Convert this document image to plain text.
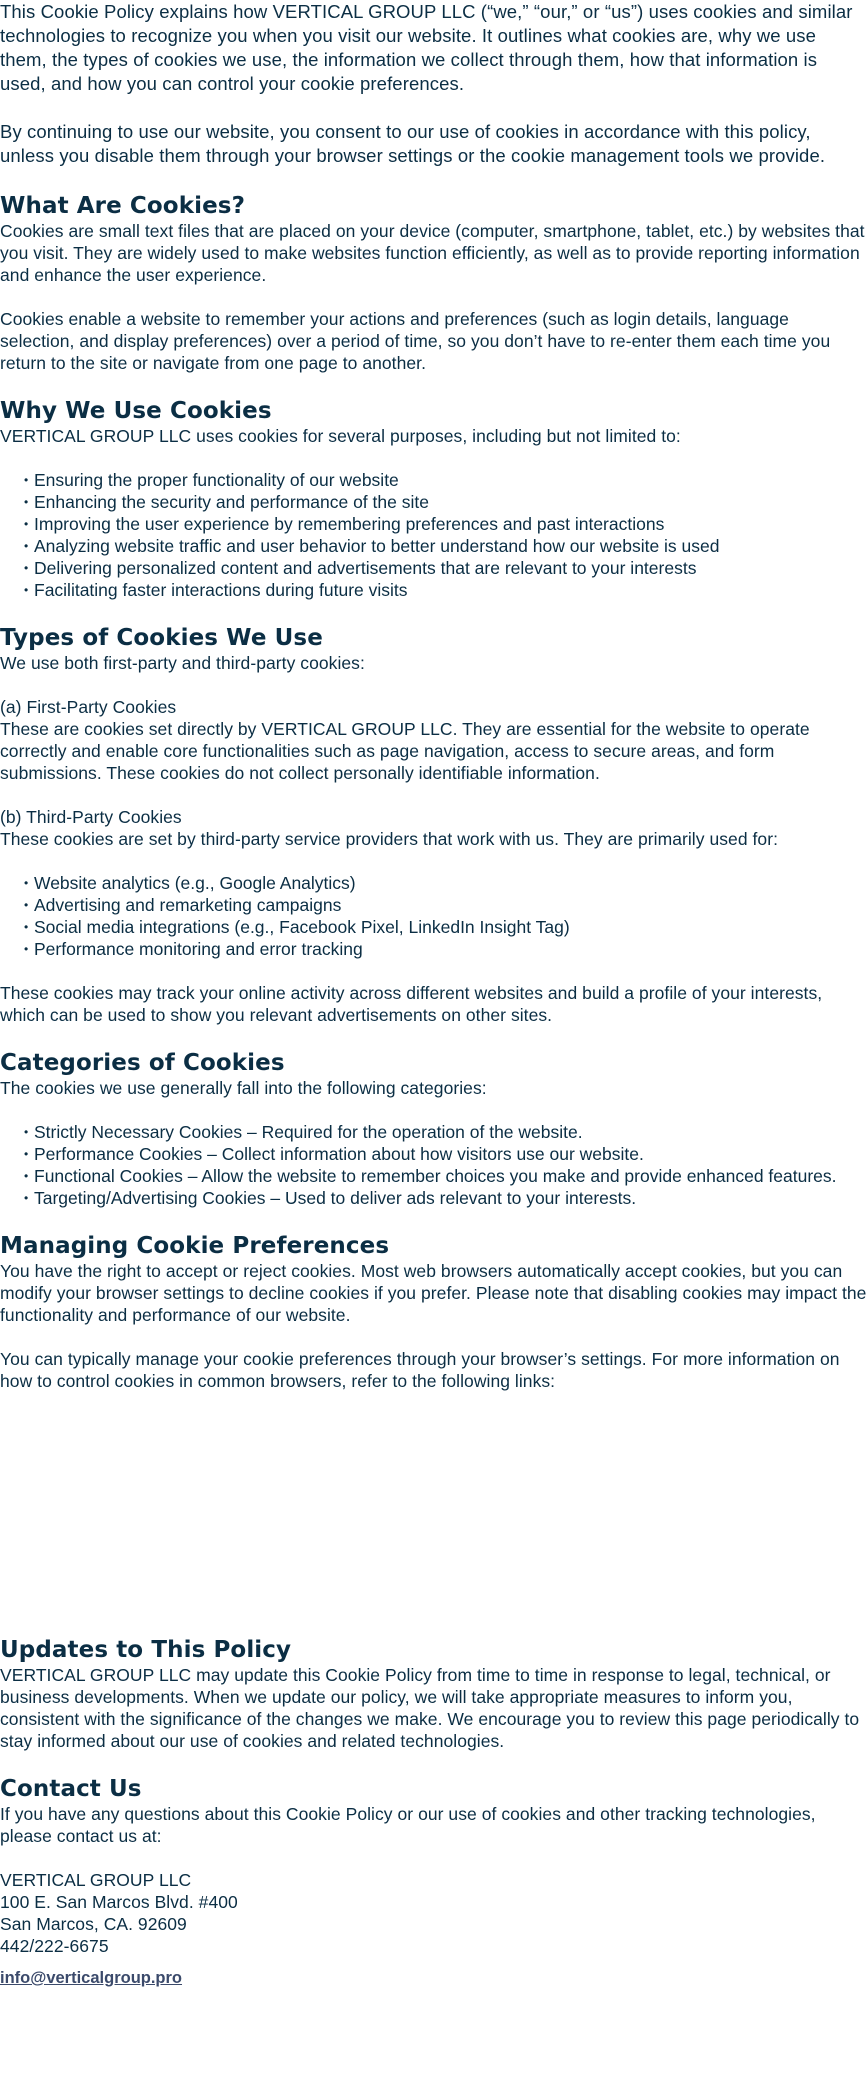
This Cookie Policy explains how VERTICAL GROUP LLC (“we,” “our,” or “us”) uses cookies and similar technologies to recognize you when you visit our website. It outlines what cookies are, why we use them, the types of cookies we use, the information we collect through them, how that information is used, and how you can control your cookie preferences.

By continuing to use our website, you consent to our use of cookies in accordance with this policy, unless you disable them through your browser settings or the cookie management tools we provide.

What Are Cookies?

Cookies are small text files that are placed on your device (computer, smartphone, tablet, etc.) by websites that you visit. They are widely used to make websites function efficiently, as well as to provide reporting information and enhance the user experience.

Cookies enable a website to remember your actions and preferences (such as login details, language selection, and display preferences) over a period of time, so you don’t have to re-enter them each time you return to the site or navigate from one page to another.

Why We Use Cookies

VERTICAL GROUP LLC uses cookies for several purposes, including but not limited to:

• Ensuring the proper functionality of our website
• Enhancing the security and performance of the site
• Improving the user experience by remembering preferences and past interactions
• Analyzing website traffic and user behavior to better understand how our website is used
• Delivering personalized content and advertisements that are relevant to your interests
• Facilitating faster interactions during future visits
Types of Cookies We Use

We use both first-party and third-party cookies:

(a) First-Party Cookies

These are cookies set directly by VERTICAL GROUP LLC. They are essential for the website to operate correctly and enable core functionalities such as page navigation, access to secure areas, and form submissions. These cookies do not collect personally identifiable information.

(b) Third-Party Cookies

These cookies are set by third-party service providers that work with us. They are primarily used for:

• Website analytics (e.g., Google Analytics)
• Advertising and remarketing campaigns
• Social media integrations (e.g., Facebook Pixel, LinkedIn Insight Tag)
• Performance monitoring and error tracking

These cookies may track your online activity across different websites and build a profile of your interests, which can be used to show you relevant advertisements on other sites.

Categories of Cookies

The cookies we use generally fall into the following categories:

• Strictly Necessary Cookies – Required for the operation of the website.
• Performance Cookies – Collect information about how visitors use our website.
• Functional Cookies – Allow the website to remember choices you make and provide enhanced features.
• Targeting/Advertising Cookies – Used to deliver ads relevant to your interests.
Managing Cookie Preferences

You have the right to accept or reject cookies. Most web browsers automatically accept cookies, but you can modify your browser settings to decline cookies if you prefer. Please note that disabling cookies may impact the functionality and performance of our website.

You can typically manage your cookie preferences through your browser’s settings. For more information on how to control cookies in common browsers, refer to the following links:

Updates to This Policy

VERTICAL GROUP LLC may update this Cookie Policy from time to time in response to legal, technical, or business developments. When we update our policy, we will take appropriate measures to inform you, consistent with the significance of the changes we make. We encourage you to review this page periodically to stay informed about our use of cookies and related technologies.

Contact Us

If you have any questions about this Cookie Policy or our use of cookies and other tracking technologies, please contact us at:

VERTICAL GROUP LLC

100 E. San Marcos Blvd. #400

San Marcos, CA. 92609

442/222-6675

info@verticalgroup.pro
